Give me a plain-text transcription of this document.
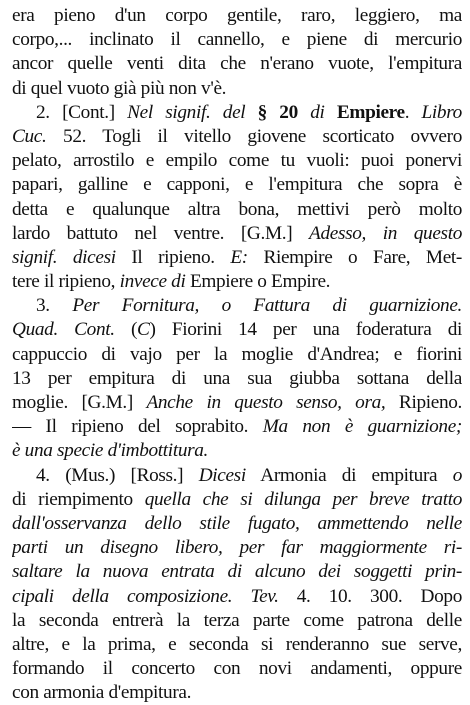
era pieno d'un corpo gentile, raro, leggiero, ma
corpo,... inclinato il cannello, e piene di mercurio
ancor quelle venti dita che n'erano vuote, l'empitura
di quel vuoto già più non v'è.
2. [Cont.] Nel signif. del § 20 di Empiere. Libro
Cuc. 52. Togli il vitello giovene scorticato ovvero
pelato, arrostilo e empilo come tu vuoli: puoi ponervi
papari, galline e capponi, e l'empitura che sopra è
detta e qualunque altra bona, mettivi però molto
lardo battuto nel ventre. [G.M.] Adesso, in questo
signif. dicesi Il ripieno. E: Riempire o Fare, Met-
tere il ripieno, invece di Empiere o Empire.
3. Per Fornitura, o Fattura di guarnizione.
Quad. Cont. (C) Fiorini 14 per una foderatura di
cappuccio di vajo per la moglie d'Andrea; e fiorini
13 per empitura di una sua giubba sottana della
moglie. [G.M.] Anche in questo senso, ora, Ripieno.
— Il ripieno del soprabito. Ma non è guarnizione;
è una specie d'imbottitura.
4. (Mus.) [Ross.] Dicesi Armonia di empitura o
di riempimento quella che si dilunga per breve tratto
dall'osservanza dello stile fugato, ammettendo nelle
parti un disegno libero, per far maggiormente ri-
saltare la nuova entrata di alcuno dei soggetti prin-
cipali della composizione. Tev. 4. 10. 300. Dopo
la seconda entrerà la terza parte come patrona delle
altre, e la prima, e seconda si renderanno sue serve,
formando il concerto con novi andamenti, oppure
con armonia d'empitura.
